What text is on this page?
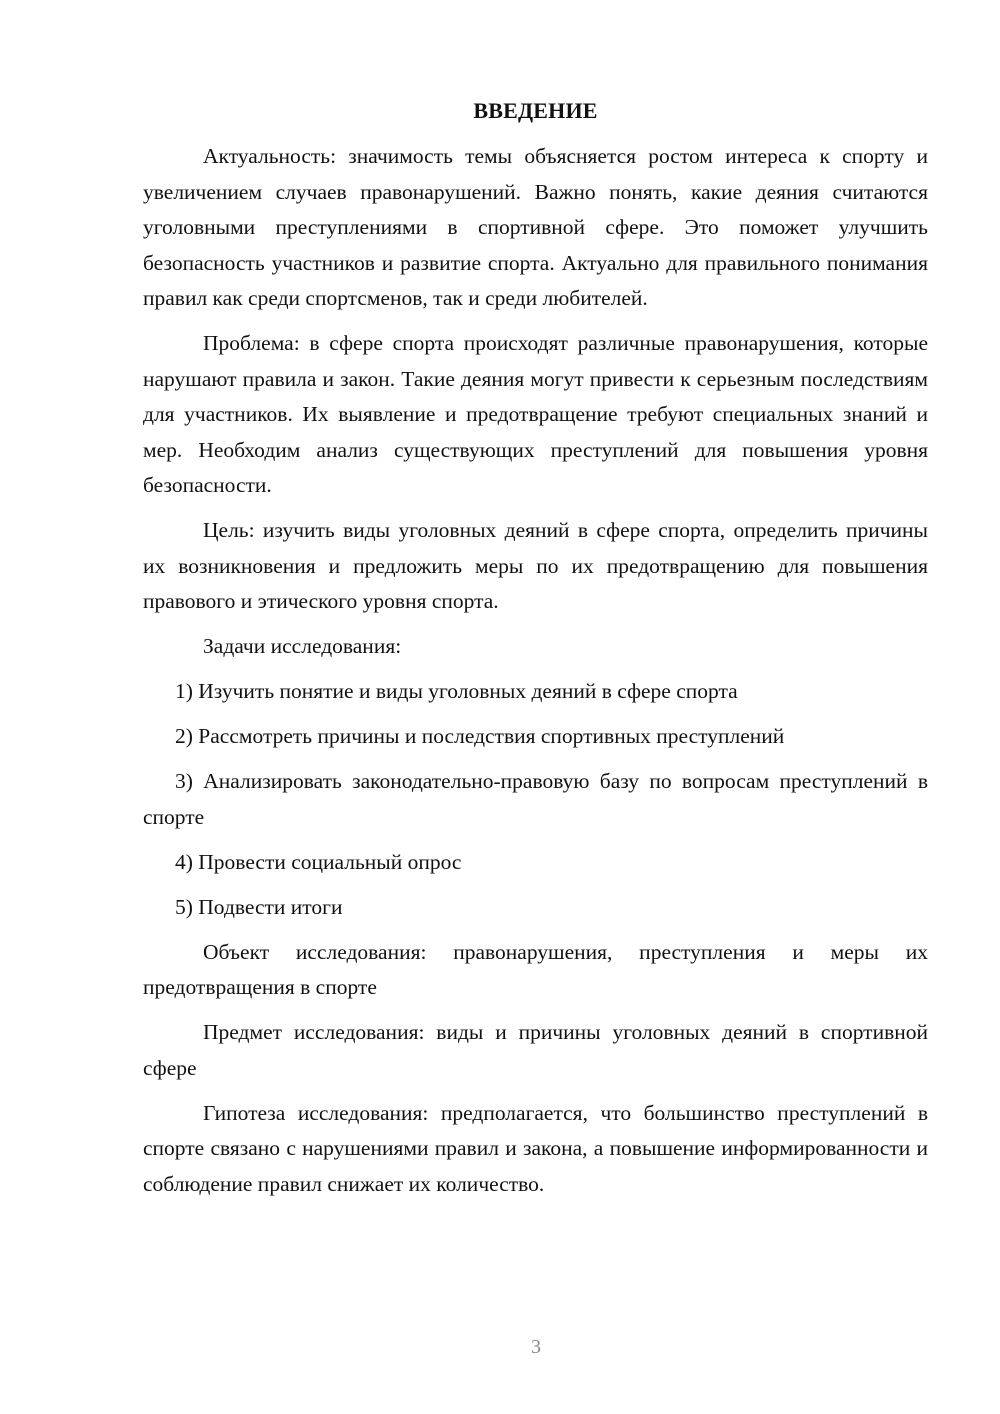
ВВЕДЕНИЕ

Актуальность: значимость темы объясняется ростом интереса к спорту и увеличением случаев правонарушений. Важно понять, какие деяния считаются уголовными преступлениями в спортивной сфере. Это поможет улучшить безопасность участников и развитие спорта. Актуально для правильного понимания правил как среди спортсменов, так и среди любителей.

Проблема: в сфере спорта происходят различные правонарушения, которые нарушают правила и закон. Такие деяния могут привести к серьезным последствиям для участников. Их выявление и предотвращение требуют специальных знаний и мер. Необходим анализ существующих преступлений для повышения уровня безопасности.

Цель: изучить виды уголовных деяний в сфере спорта, определить причины их возникновения и предложить меры по их предотвращению для повышения правового и этического уровня спорта.

Задачи исследования:

1) Изучить понятие и виды уголовных деяний в сфере спорта

2) Рассмотреть причины и последствия спортивных преступлений

3) Анализировать законодательно-правовую базу по вопросам преступлений в спорте

4) Провести социальный опрос

5) Подвести итоги

Объект исследования: правонарушения, преступления и меры их предотвращения в спорте

Предмет исследования: виды и причины уголовных деяний в спортивной сфере

Гипотеза исследования: предполагается, что большинство преступлений в спорте связано с нарушениями правил и закона, а повышение информированности и соблюдение правил снижает их количество.

3
